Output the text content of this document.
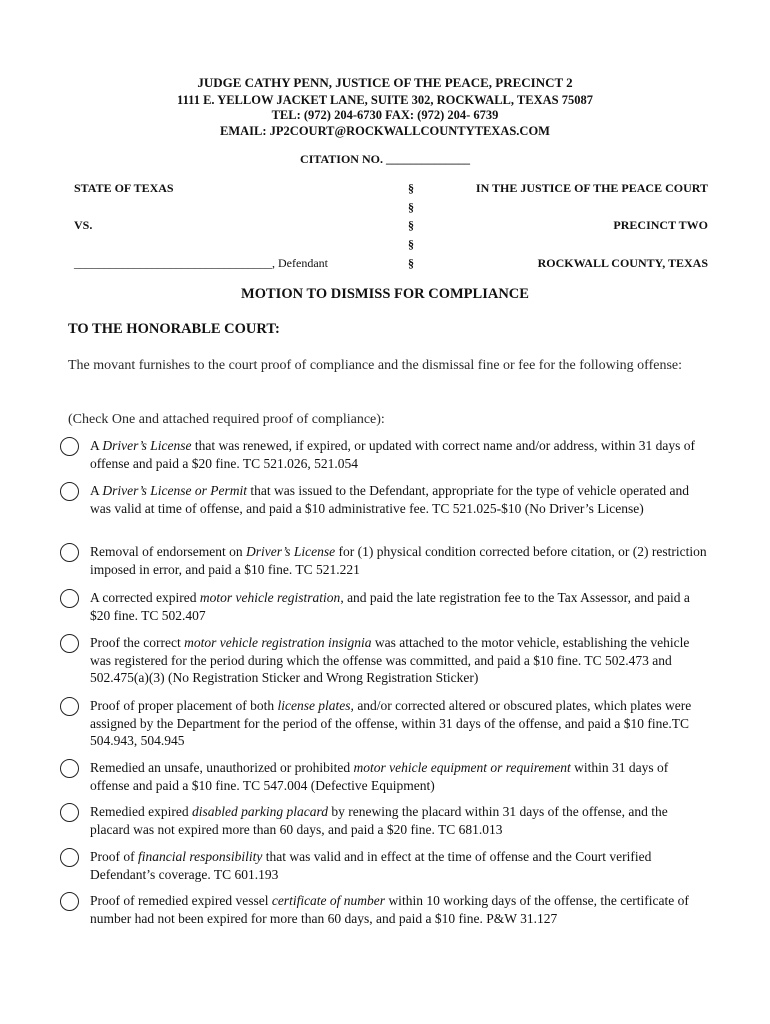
JUDGE CATHY PENN, JUSTICE OF THE PEACE, PRECINCT 2
1111 E. YELLOW JACKET LANE, SUITE 302, ROCKWALL, TEXAS 75087
TEL: (972) 204-6730 FAX: (972) 204- 6739
EMAIL: JP2COURT@ROCKWALLCOUNTYTEXAS.COM
CITATION NO. ______________
STATE OF TEXAS
VS.
_________________________________, Defendant
§
§
§
§
§
IN THE JUSTICE OF THE PEACE COURT
PRECINCT TWO
ROCKWALL COUNTY, TEXAS
MOTION TO DISMISS FOR COMPLIANCE
TO THE HONORABLE COURT:
The movant furnishes to the court proof of compliance and the dismissal fine or fee for the following offense:
(Check One and attached required proof of compliance):
A Driver’s License that was renewed, if expired, or updated with correct name and/or address, within 31 days of offense and paid a $20 fine. TC 521.026, 521.054
A Driver’s License or Permit that was issued to the Defendant, appropriate for the type of vehicle operated and was valid at time of offense, and paid a $10 administrative fee. TC 521.025-$10 (No Driver’s License)
Removal of endorsement on Driver’s License for (1) physical condition corrected before citation, or (2) restriction imposed in error, and paid a $10 fine. TC 521.221
A corrected expired motor vehicle registration, and paid the late registration fee to the Tax Assessor, and paid a $20 fine. TC 502.407
Proof the correct motor vehicle registration insignia was attached to the motor vehicle, establishing the vehicle was registered for the period during which the offense was committed, and paid a $10 fine. TC 502.473 and 502.475(a)(3) (No Registration Sticker and Wrong Registration Sticker)
Proof of proper placement of both license plates, and/or corrected altered or obscured plates, which plates were assigned by the Department for the period of the offense, within 31 days of the offense, and paid a $10 fine.TC 504.943, 504.945
Remedied an unsafe, unauthorized or prohibited motor vehicle equipment or requirement within 31 days of offense and paid a $10 fine. TC 547.004 (Defective Equipment)
Remedied expired disabled parking placard by renewing the placard within 31 days of the offense, and the placard was not expired more than 60 days, and paid a $20 fine. TC 681.013
Proof of financial responsibility that was valid and in effect at the time of offense and the Court verified Defendant’s coverage. TC 601.193
Proof of remedied expired vessel certificate of number within 10 working days of the offense, the certificate of number had not been expired for more than 60 days, and paid a $10 fine. P&W 31.127
